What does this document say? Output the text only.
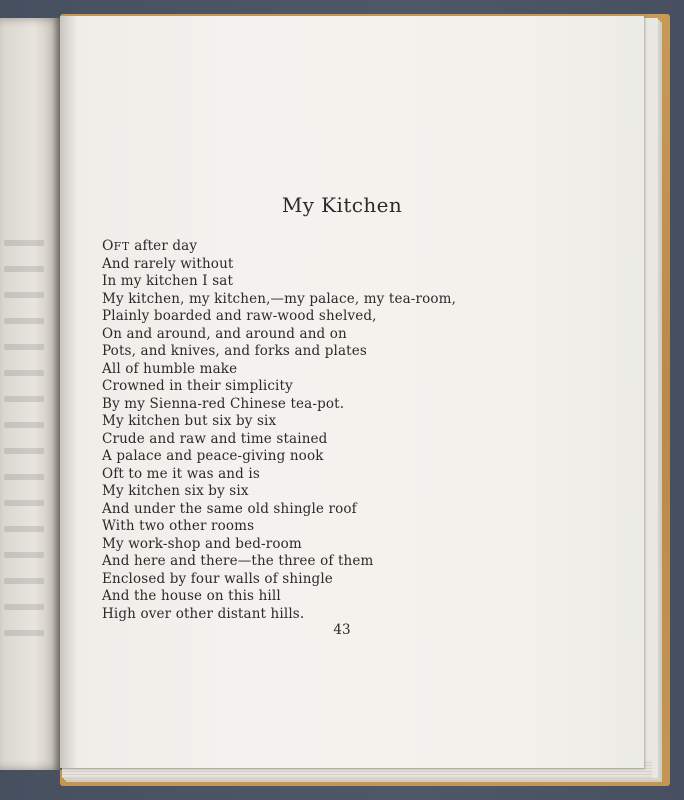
My Kitchen
OFT after day
And rarely without
In my kitchen I sat
My kitchen, my kitchen,—my palace, my tea-room,
Plainly boarded and raw-wood shelved,
On and around, and around and on
Pots, and knives, and forks and plates
All of humble make
Crowned in their simplicity
By my Sienna-red Chinese tea-pot.
My kitchen but six by six
Crude and raw and time stained
A palace and peace-giving nook
Oft to me it was and is
My kitchen six by six
And under the same old shingle roof
With two other rooms
My work-shop and bed-room
And here and there—the three of them
Enclosed by four walls of shingle
And the house on this hill
High over other distant hills.
43
